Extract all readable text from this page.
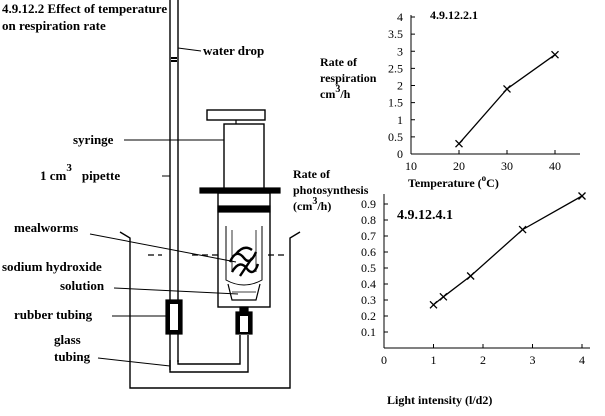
4.9.12.2 Effect of temperature
on respiration rate
water drop
syringe
1 $cm^3$ pipette
mealworms
sodium hydroxide
solution
rubber tubing
glass
tubing
4.9.12.2.1
Rate of
respiration
$cm^3/h$
Temperature ($^o$C)
0
0.5
1
1.5
2
2.5
3
3.5
4
10	20	30	40
4.9.12.4.1
Rate of
photosynthesis
$(cm^3/h)$
Light intensity (l/d2)
0.1
0.2
0.3
0.4
0.5
0.6
0.7
0.8
0.9
0	1	2	3	4
